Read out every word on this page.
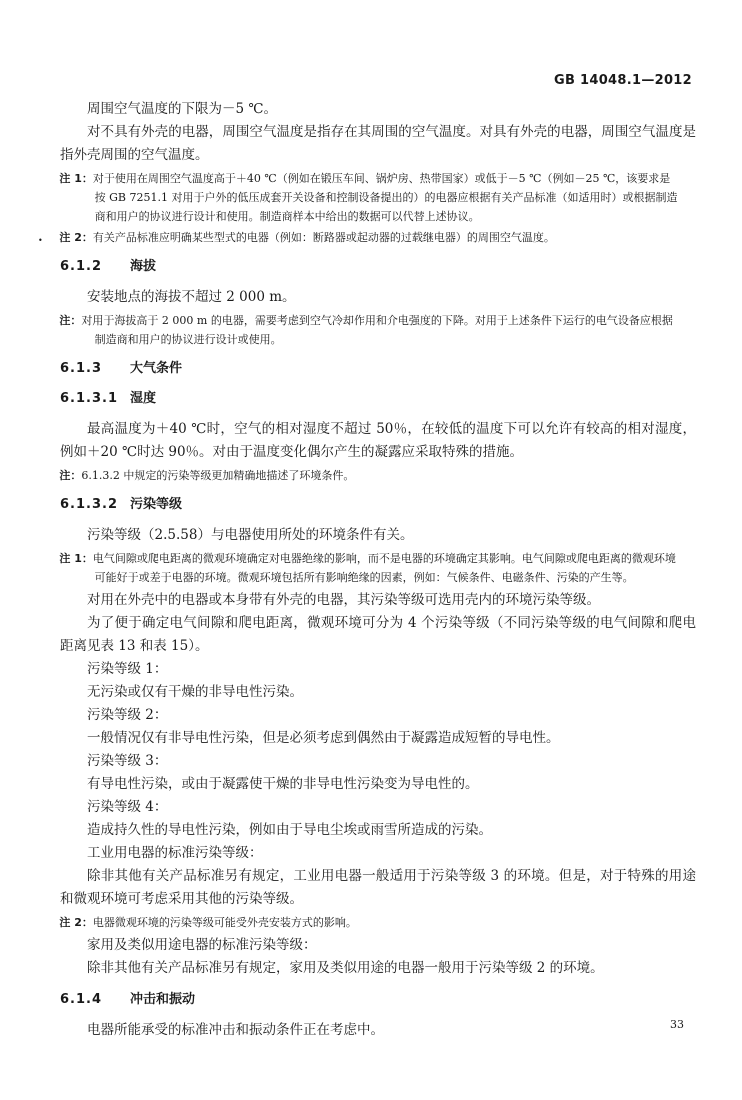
GB 14048.1—2012
•

周围空气温度的下限为－5 ℃。

对不具有外壳的电器，周围空气温度是指存在其周围的空气温度。对具有外壳的电器，周围空气温度是指外壳周围的空气温度。

注 1：对于使用在周围空气温度高于＋40 ℃（例如在锻压车间、锅炉房、热带国家）或低于－5 ℃（例如－25 ℃，该要求是按 GB 7251.1 对用于户外的低压成套开关设备和控制设备提出的）的电器应根据有关产品标准（如适用时）或根据制造商和用户的协议进行设计和使用。制造商样本中给出的数据可以代替上述协议。
注 2：有关产品标准应明确某些型式的电器（例如：断路器或起动器的过载继电器）的周围空气温度。
6.1.2 海拔

安装地点的海拔不超过 2 000 m。

注：对用于海拔高于 2 000 m 的电器，需要考虑到空气冷却作用和介电强度的下降。对用于上述条件下运行的电气设备应根据制造商和用户的协议进行设计或使用。
6.1.3 大气条件
6.1.3.1 湿度

最高温度为＋40 ℃时，空气的相对湿度不超过 50％，在较低的温度下可以允许有较高的相对湿度，例如＋20 ℃时达 90％。对由于温度变化偶尔产生的凝露应采取特殊的措施。

注：6.1.3.2 中规定的污染等级更加精确地描述了环境条件。
6.1.3.2 污染等级

污染等级（2.5.58）与电器使用所处的环境条件有关。

注 1：电气间隙或爬电距离的微观环境确定对电器绝缘的影响，而不是电器的环境确定其影响。电气间隙或爬电距离的微观环境可能好于或差于电器的环境。微观环境包括所有影响绝缘的因素，例如：气候条件、电磁条件、污染的产生等。

对用在外壳中的电器或本身带有外壳的电器，其污染等级可选用壳内的环境污染等级。

为了便于确定电气间隙和爬电距离，微观环境可分为 4 个污染等级（不同污染等级的电气间隙和爬电距离见表 13 和表 15）。

污染等级 1：

无污染或仅有干燥的非导电性污染。

污染等级 2：

一般情况仅有非导电性污染，但是必须考虑到偶然由于凝露造成短暂的导电性。

污染等级 3：

有导电性污染，或由于凝露使干燥的非导电性污染变为导电性的。

污染等级 4：

造成持久性的导电性污染，例如由于导电尘埃或雨雪所造成的污染。

工业用电器的标准污染等级：

除非其他有关产品标准另有规定，工业用电器一般适用于污染等级 3 的环境。但是，对于特殊的用途和微观环境可考虑采用其他的污染等级。

注 2：电器微观环境的污染等级可能受外壳安装方式的影响。

家用及类似用途电器的标准污染等级：

除非其他有关产品标准另有规定，家用及类似用途的电器一般用于污染等级 2 的环境。

6.1.4 冲击和振动

电器所能承受的标准冲击和振动条件正在考虑中。	33
